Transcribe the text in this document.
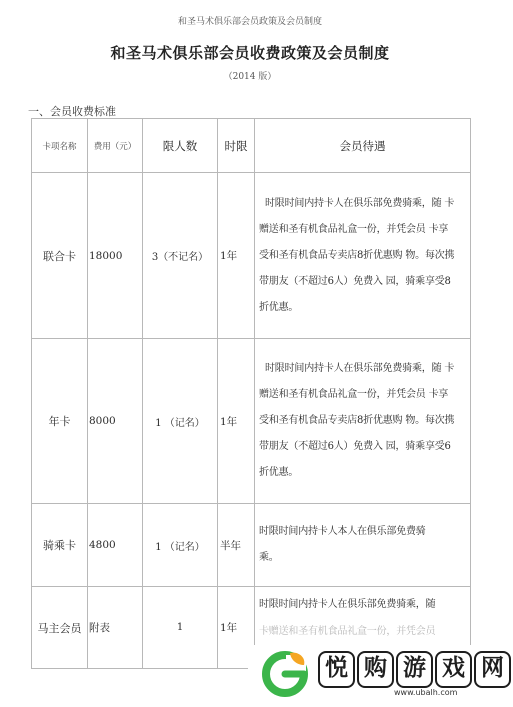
和圣马术俱乐部会员政策及会员制度
和圣马术俱乐部会员收费政策及会员制度
（2014 版）
一、会员收费标准
卡项名称	费用（元）	限人数	时限	会员待遇
联合卡	18000	3（不记名）	1年	时限时间内持卡人在俱乐部免费骑乘，随 卡
赠送和圣有机食品礼盒一份，并凭会员 卡享
受和圣有机食品专卖店8折优惠购 物。每次携
带朋友（不超过6人）免费入 园，骑乘享受8
折优惠。

年卡	8000	1 （记名）	1年	时限时间内持卡人在俱乐部免费骑乘，随 卡
赠送和圣有机食品礼盒一份，并凭会员 卡享
受和圣有机食品专卖店8折优惠购 物。每次携
带朋友（不超过6人）免费入 园，骑乘享受6
折优惠。

骑乘卡	4800	1 （记名）	半年	时限时间内持卡人本人在俱乐部免费骑
乘。

马主会员	附表	1	1年	时限时间内持卡人在俱乐部免费骑乘，随
卡赠送和圣有机食品礼盒一份，并凭会员
悦 购 游 戏 网
www.ubalh.com
